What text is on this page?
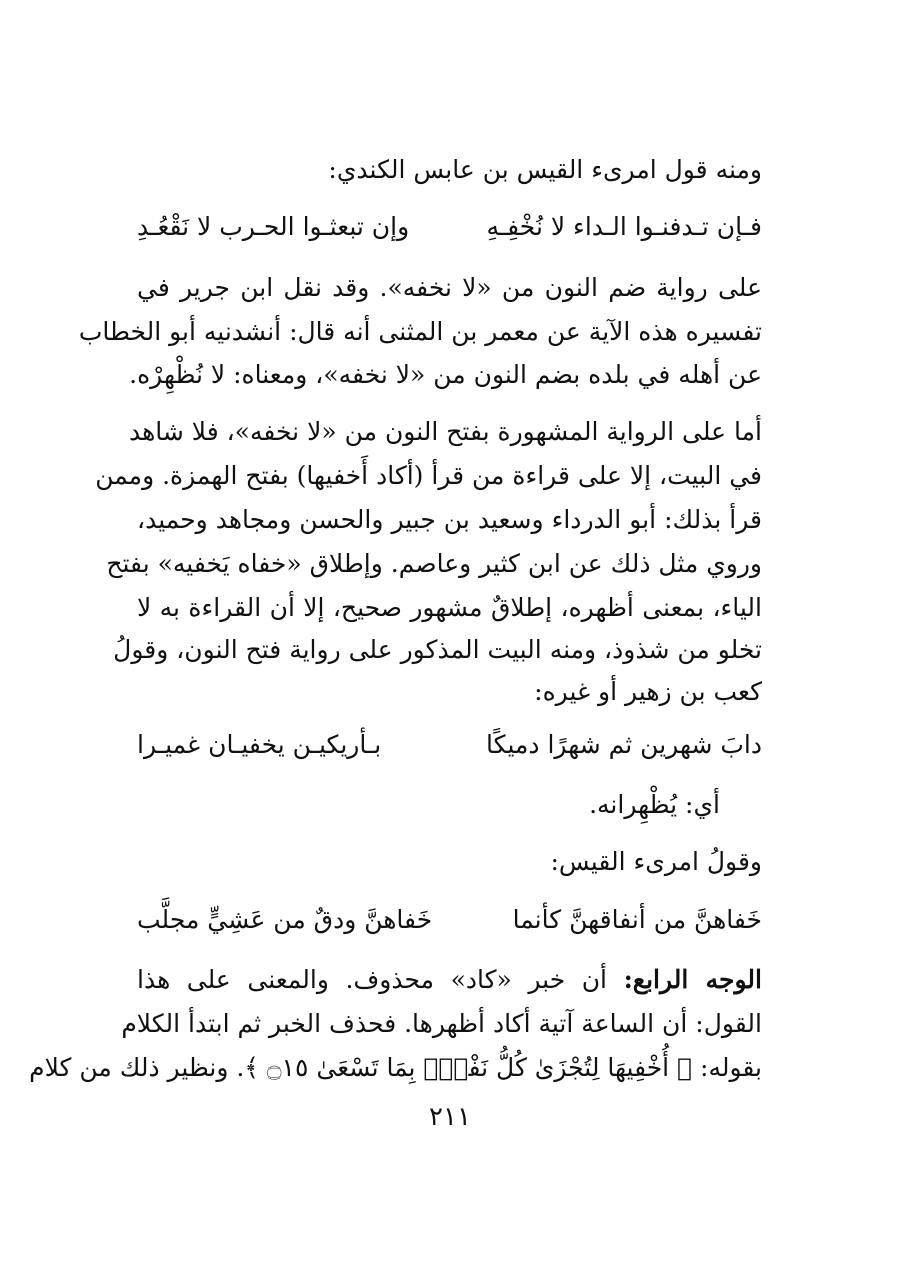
ومنه قول امرىء القيس بن عابس الكندي:
فـإن تـدفنـوا الـداء لا نُخْفِـهِ
وإن تبعثـوا الحـرب لا نَقْعُـدِ
على رواية ضم النون من «لا نخفه». وقد نقل ابن جرير في
تفسيره هذه الآية عن معمر بن المثنى أنه قال: أنشدنيه أبو الخطاب
عن أهله في بلده بضم النون من «لا نخفه»، ومعناه: لا نُظْهِرْه.
أما على الرواية المشهورة بفتح النون من «لا نخفه»، فلا شاهد
في البيت، إلا على قراءة من قرأ (أكاد أَخفيها) بفتح الهمزة. وممن
قرأ بذلك: أبو الدرداء وسعيد بن جبير والحسن ومجاهد وحميد،
وروي مثل ذلك عن ابن كثير وعاصم. وإطلاق «خفاه يَخفيه» بفتح
الياء، بمعنى أظهره، إطلاقٌ مشهور صحيح، إلا أن القراءة به لا
تخلو من شذوذ، ومنه البيت المذكور على رواية فتح النون، وقولُ
كعب بن زهير أو غيره:
دابَ شهرين ثم شهرًا دميكًا
بـأريكيـن يخفيـان غميـرا
أي: يُظْهِرانه.
وقولُ امرىء القيس:
خَفاهنَّ من أنفاقهنَّ كأنما
خَفاهنَّ ودقٌ من عَشِيٍّ مجلَّب
الوجه الرابع: أن خبر «كاد» محذوف. والمعنى على هذا
القول: أن الساعة آتية أكاد أظهرها. فحذف الخبر ثم ابتدأ الكلام
بقوله: ﴿ أُخْفِيهَا لِتُجْزَىٰ كُلُّ نَفْسِۭ بِمَا تَسْعَىٰ ۝١٥ ﴾. ونظير ذلك من كلام
٢١١
